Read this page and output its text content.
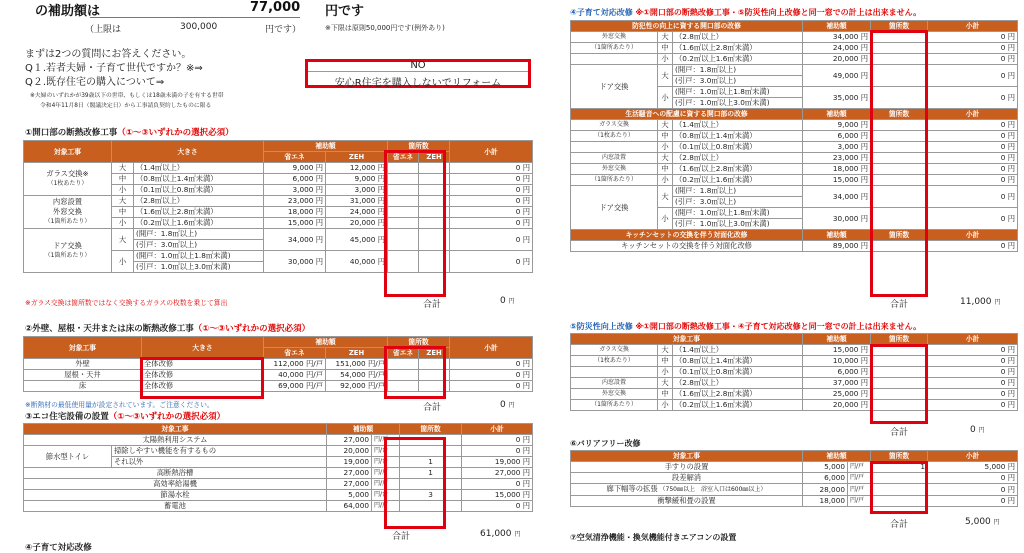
の補助額は	77,000 円です
（上限は	300,000	円です）	※下限は原則50,000円です(例外あり)
まずは2つの質問にお答えください。
Q１.若者夫婦・子育て世代ですか？※⇒
Q２.既存住宅の購入について⇒
NO
安心R住宅を購入しないでリフォーム
※夫婦のいずれかが39歳以下の世帯、もしくは18歳未満の子を有する世帯
令和4年11月8日（閣議決定日）から工事請負契約したものに限る
①開口部の断熱改修工事（①～③いずれかの選択必須）
対象工事	大きさ		補助額		箇所数		小計
			省エネ	ZEH	省エネ	ZEH	

ガラス交換※
（1枚あたり）	大	（1.4㎡以上）	9,000 円	12,000 円			0 円
	中	（0.8㎡以上1.4㎡未満）	6,000 円	9,000 円			0 円
	小	（0.1㎡以上0.8㎡未満）	3,000 円	3,000 円			0 円

内窓設置
外窓交換
（1箇所あたり）	大	（2.8㎡以上）	23,000 円	31,000 円			0 円
	中	（1.6㎡以上2.8㎡未満）	18,000 円	24,000 円			0 円
	小	（0.2㎡以上1.6㎡未満）	15,000 円	20,000 円			0 円

ドア交換
（1箇所あたり）	大	(開戸：1.8㎡以上)	34,000 円	45,000 円			0 円
		(引戸：3.0㎡以上)					
	小	(開戸：1.0㎡以上1.8㎡未満)	30,000 円	40,000 円			0 円
		(引戸：1.0㎡以上3.0㎡未満)					
※ガラス交換は箇所数ではなく交換するガラスの枚数を乗じて算出	合計	0 円
②外壁、屋根・天井または床の断熱改修工事（①～③いずれかの選択必須）
対象工事	大きさ	補助額		箇所数		小計
		省エネ	ZEH	省エネ	ZEH	
外壁	全体改修	112,000 円/戸	151,000 円/戸			0 円
屋根・天井	全体改修	40,000 円/戸	54,000 円/戸			0 円
床	全体改修	69,000 円/戸	92,000 円/戸			0 円
※断熱材の最低使用量が設定されています。ご注意ください。	合計	0 円
③エコ住宅設備の設置（①～③いずれかの選択必須）
対象工事		補助額		箇所数	小計
太陽熱利用システム		27,000	円/戸		0 円
節水型トイレ	掃除しやすい機能を有するもの	20,000	円/台		0 円
	それ以外	19,000	円/台	1	19,000 円
高断熱浴槽		27,000	円/戸	1	27,000 円
高効率給湯機		27,000	円/戸		0 円
節湯水栓		5,000	円/台	3	15,000 円
蓄電池		64,000	円/戸		0 円
合計	61,000 円
④子育て対応改修
④子育て対応改修 ※①開口部の断熱改修工事・⑤防災性向上改修と同一窓での計上は出来ません。
防犯性の向上に資する開口部の改修			補助額	箇所数	小計
外窓交換	大	（2.8㎡以上）	34,000 円		0 円
（1箇所あたり）	中	（1.6㎡以上2.8㎡未満）	24,000 円		0 円
	小	（0.2㎡以上1.6㎡未満）	20,000 円		0 円
ドア交換	大	(開戸：1.8㎡以上)	49,000 円		0 円
		(引戸：3.0㎡以上)			
	小	(開戸：1.0㎡以上1.8㎡未満)	35,000 円		0 円
		(引戸：1.0㎡以上3.0㎡未満)			
生活騒音への配慮に資する開口部の改修			補助額	箇所数	小計
ガラス交換	大	（1.4㎡以上）	9,000 円		0 円
（1枚あたり）	中	（0.8㎡以上1.4㎡未満）	6,000 円		0 円
	小	（0.1㎡以上0.8㎡未満）	3,000 円		0 円
内窓設置	大	（2.8㎡以上）	23,000 円		0 円
外窓交換	中	（1.6㎡以上2.8㎡未満）	18,000 円		0 円
（1箇所あたり）	小	（0.2㎡以上1.6㎡未満）	15,000 円		0 円
ドア交換	大	(開戸：1.8㎡以上)	34,000 円		0 円
		(引戸：3.0㎡以上)			
	小	(開戸：1.0㎡以上1.8㎡未満)	30,000 円		0 円
		(引戸：1.0㎡以上3.0㎡未満)			
キッチンセットの交換を伴う対面化改修			補助額	箇所数	小計
キッチンセットの交換を伴う対面化改修			89,000 円		0 円
合計	11,000 円
⑤防災性向上改修 ※①開口部の断熱改修工事・④子育て対応改修と同一窓での計上は出来ません。
対象工事			補助額	箇所数	小計
ガラス交換	大	（1.4㎡以上）	15,000 円		0 円
（1枚あたり）	中	（0.8㎡以上1.4㎡未満）	10,000 円		0 円
	小	（0.1㎡以上0.8㎡未満）	6,000 円		0 円
内窓設置	大	（2.8㎡以上）	37,000 円		0 円
外窓交換	中	（1.6㎡以上2.8㎡未満）	25,000 円		0 円
（1箇所あたり）	小	（0.2㎡以上1.6㎡未満）	20,000 円		0 円
合計	0 円
⑥バリアフリー改修
対象工事	補助額		箇所数	小計
手すりの設置	5,000	円/戸	1	5,000 円
段差解消	6,000	円/戸		0 円
廊下幅等の拡張 （750㎜以上　浴室入口は600㎜以上）	28,000	円/戸		0 円
衝撃緩和畳の設置	18,000	円/戸		0 円
合計	5,000 円
⑦空気清浄機能・換気機能付きエアコンの設置
